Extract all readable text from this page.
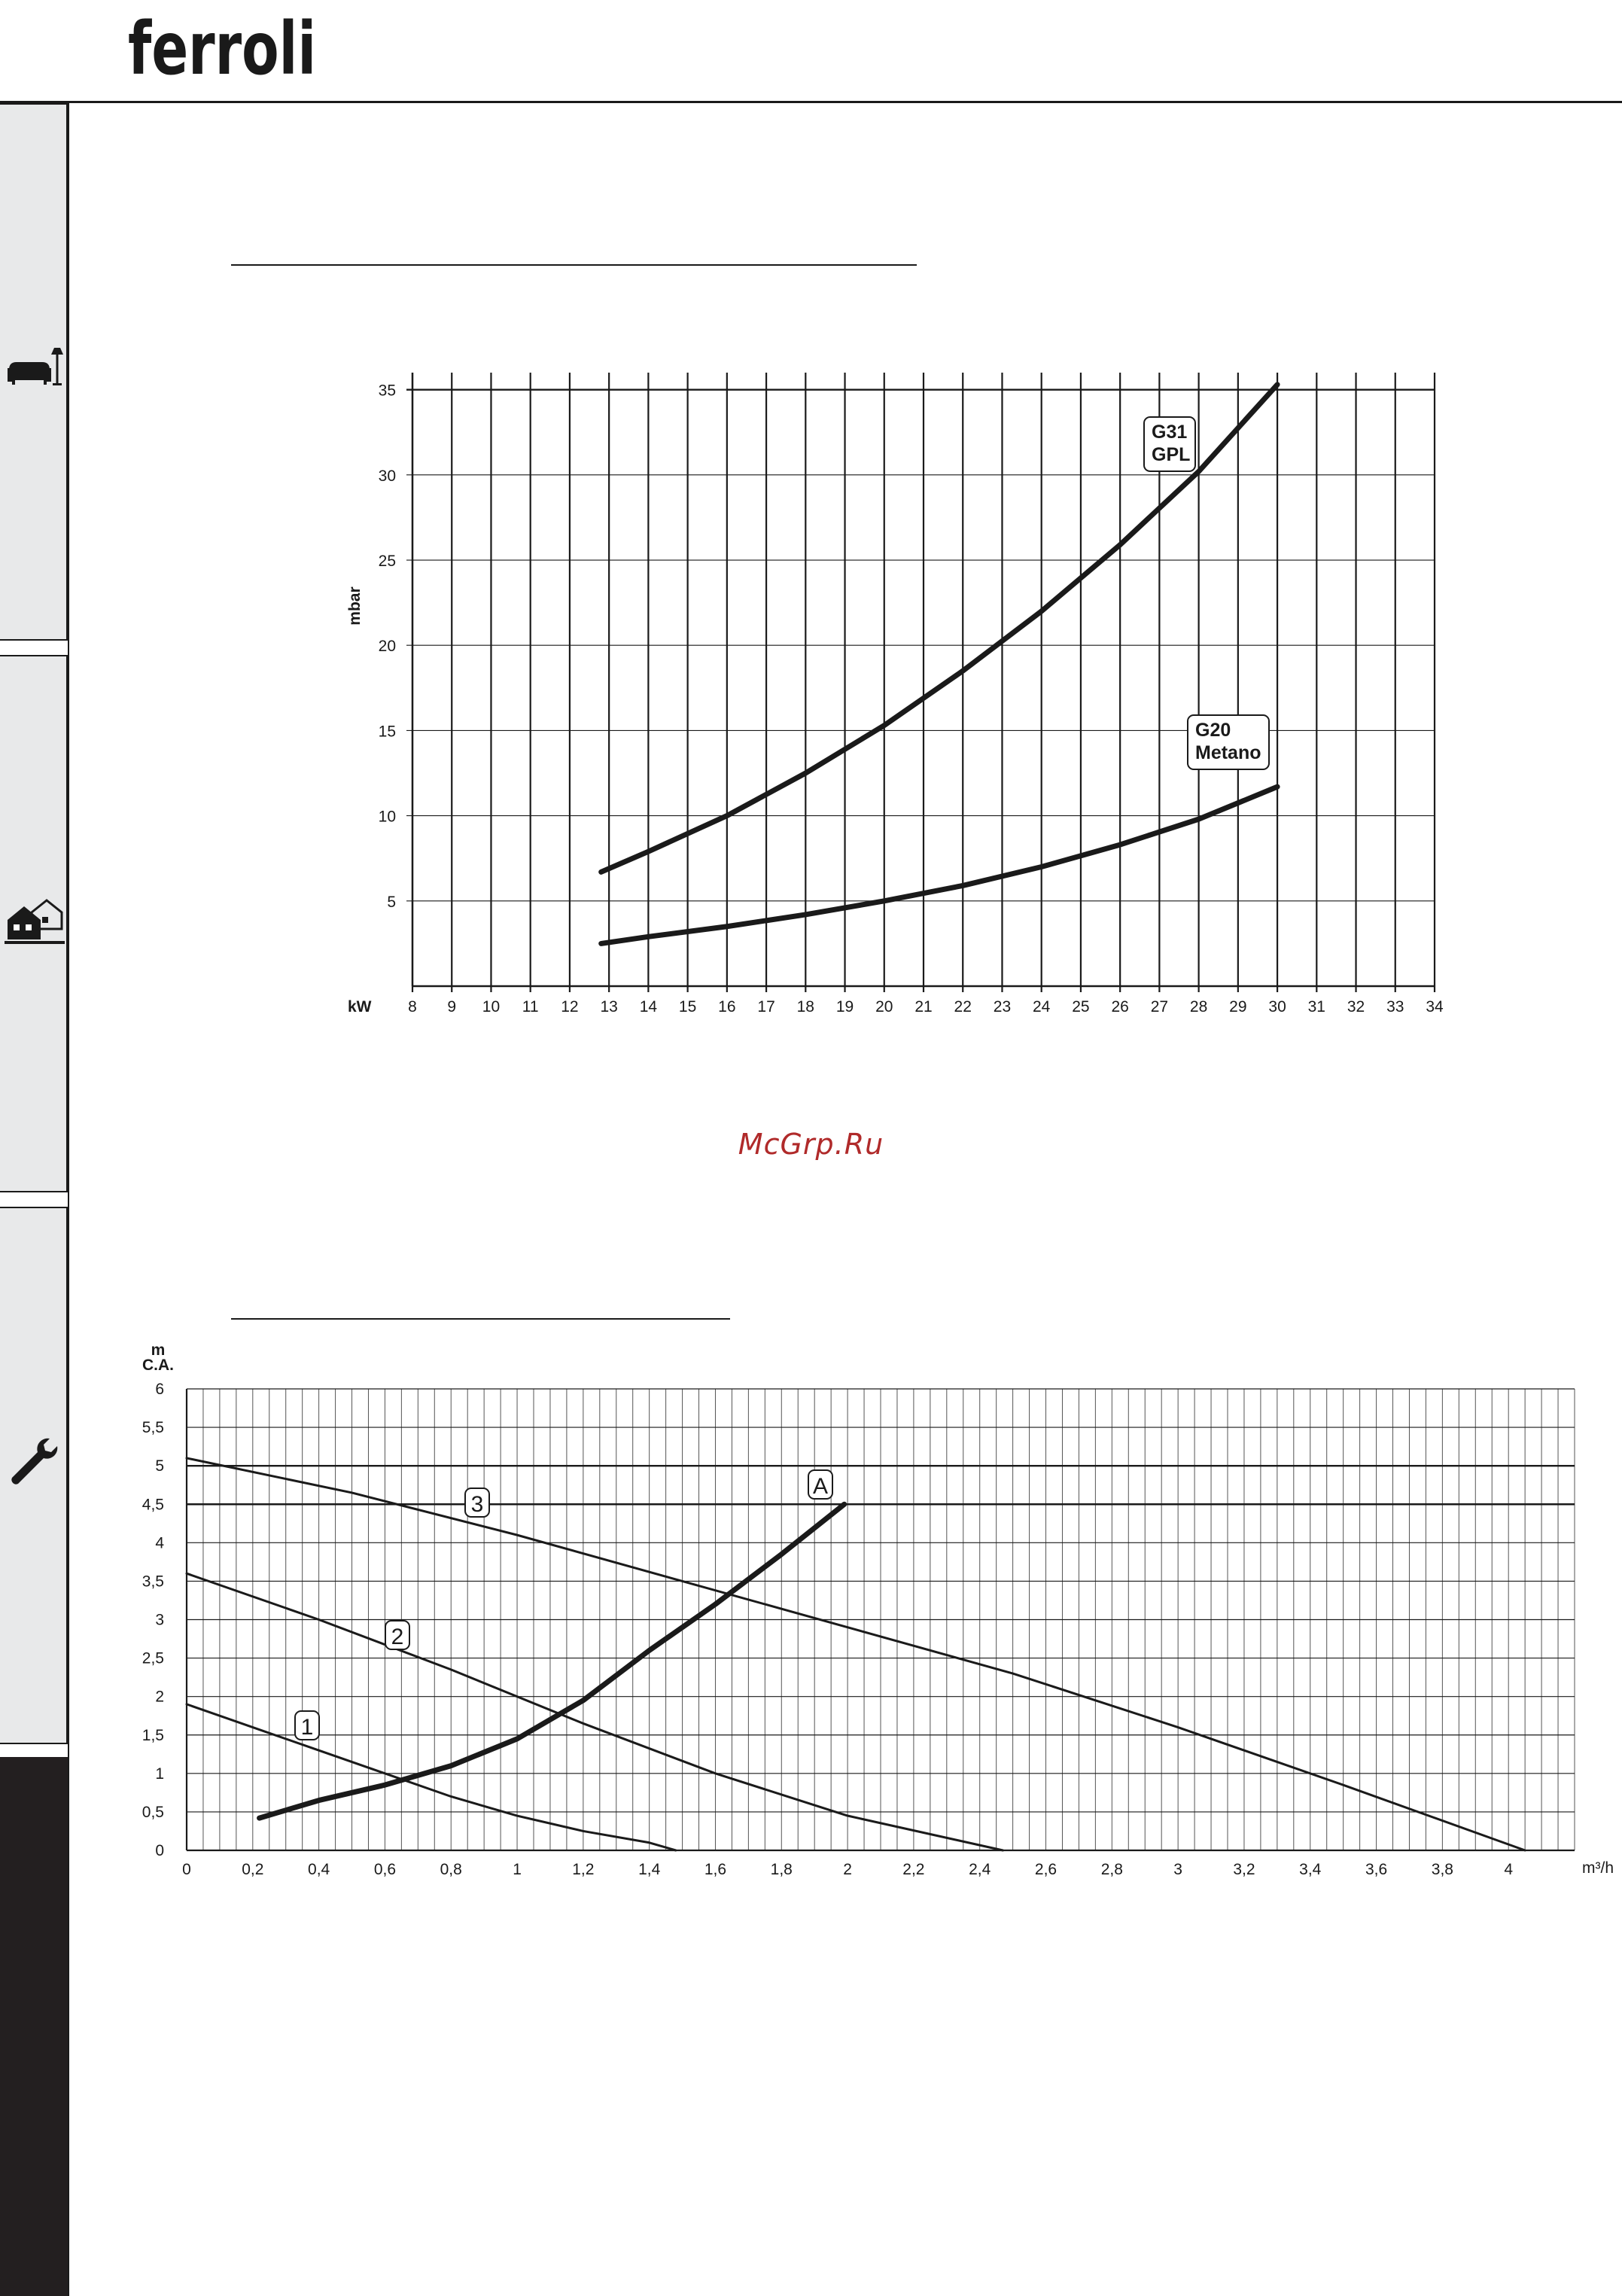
ferroli
McGrp.Ru
8 9 10 11 12 13 14 15 16 17 18 19 20 21 22 23 24 25 26 27 28 29 30 31 32 33 34
5
10
15
20
25
30
35
kW
mbar
G31
GPL
G20
Metano
0
0,5
1
1,5
2
2,5
3
3,5
4
4,5
5
5,5
6
0	0,2	0,4	0,6	0,8	1	1,2	1,4	1,6	1,8	2	2,2	2,4	2,6	2,8	3	3,2	3,4	3,6	3,8	4
m
C.A.
m³/h
1
2
3
A
